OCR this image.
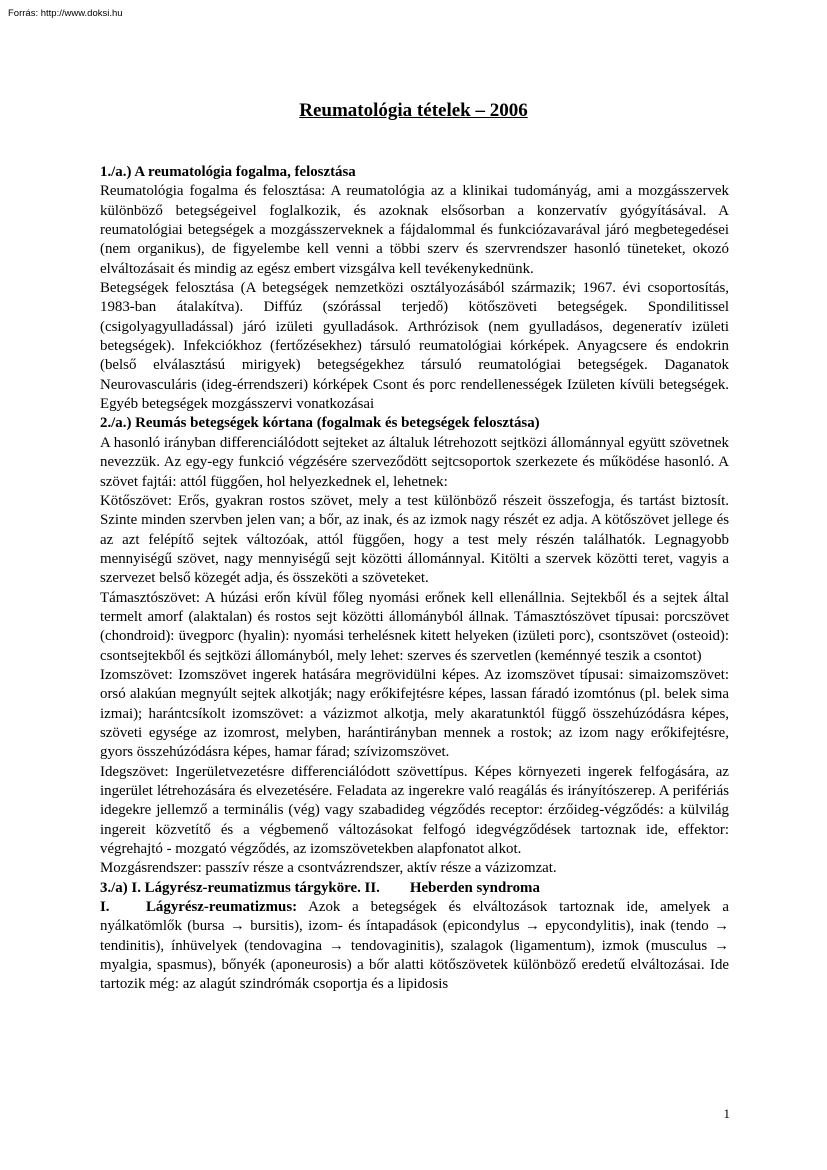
Forrás: http://www.doksi.hu
Reumatológia tételek – 2006

1./a.) A reumatológia fogalma, felosztása

Reumatológia fogalma és felosztása: A reumatológia az a klinikai tudományág, ami a mozgásszervek különböző betegségeivel foglalkozik, és azoknak elsősorban a konzervatív gyógyításával. A reumatológiai betegségek a mozgásszerveknek a fájdalommal és funkciózavarával járó megbetegedései (nem organikus), de figyelembe kell venni a többi szerv és szervrendszer hasonló tüneteket, okozó elváltozásait és mindig az egész embert vizsgálva kell tevékenykednünk.

Betegségek felosztása (A betegségek nemzetközi osztályozásából származik; 1967. évi csoportosítás, 1983-ban átalakítva). Diffúz (szórással terjedő) kötőszöveti betegségek. Spondilitissel (csigolyagyulladással) járó izületi gyulladások. Arthrózisok (nem gyulladásos, degeneratív izületi betegségek). Infekciókhoz (fertőzésekhez) társuló reumatológiai kórképek. Anyagcsere és endokrin (belső elválasztású mirigyek) betegségekhez társuló reumatológiai betegségek. Daganatok Neurovasculáris (ideg-érrendszeri) kórképek Csont és porc rendellenességek Izületen kívüli betegségek. Egyéb betegségek mozgásszervi vonatkozásai

2./a.) Reumás betegségek kórtana (fogalmak és betegségek felosztása)

A hasonló irányban differenciálódott sejteket az általuk létrehozott sejtközi állománnyal együtt szövetnek nevezzük. Az egy-egy funkció végzésére szerveződött sejtcsoportok szerkezete és működése hasonló. A szövet fajtái: attól függően, hol helyezkednek el, lehetnek:

Kötőszövet: Erős, gyakran rostos szövet, mely a test különböző részeit összefogja, és tartást biztosít. Szinte minden szervben jelen van; a bőr, az inak, és az izmok nagy részét ez adja. A kötőszövet jellege és az azt felépítő sejtek változóak, attól függően, hogy a test mely részén találhatók. Legnagyobb mennyiségű szövet, nagy mennyiségű sejt közötti állománnyal. Kitölti a szervek közötti teret, vagyis a szervezet belső közegét adja, és összeköti a szöveteket.

Támasztószövet: A húzási erőn kívül főleg nyomási erőnek kell ellenállnia. Sejtekből és a sejtek által termelt amorf (alaktalan) és rostos sejt közötti állományból állnak. Támasztószövet típusai: porcszövet (chondroid): üvegporc (hyalin): nyomási terhelésnek kitett helyeken (izületi porc), csontszövet (osteoid): csontsejtekből és sejtközi állományból, mely lehet: szerves és szervetlen (keménnyé teszik a csontot)

Izomszövet: Izomszövet ingerek hatására megrövidülni képes. Az izomszövet típusai: simaizomszövet: orsó alakúan megnyúlt sejtek alkotják; nagy erőkifejtésre képes, lassan fáradó izomtónus (pl. belek sima izmai); harántcsíkolt izomszövet: a vázizmot alkotja, mely akaratunktól függő összehúzódásra képes, szöveti egysége az izomrost, melyben, harántirányban mennek a rostok; az izom nagy erőkifejtésre, gyors összehúzódásra képes, hamar fárad; szívizomszövet.

Idegszövet: Ingerületvezetésre differenciálódott szövettípus. Képes környezeti ingerek felfogására, az ingerület létrehozására és elvezetésére. Feladata az ingerekre való reagálás és irányítószerep. A perifériás idegekre jellemző a terminális (vég) vagy szabadideg végződés receptor: érzőideg-végződés: a külvilág ingereit közvetítő és a végbemenő változásokat felfogó idegvégződések tartoznak ide, effektor: végrehajtó - mozgató végződés, az izomszövetekben alapfonatot alkot.

Mozgásrendszer: passzív része a csontvázrendszer, aktív része a vázizomzat.

3./a) I. Lágyrész-reumatizmus tárgyköre. II. Heberden syndroma

I. Lágyrész-reumatizmus: Azok a betegségek és elváltozások tartoznak ide, amelyek a nyálkatömlők (bursa → bursitis), izom- és íntapadások (epicondylus → epycondylitis), inak (tendo → tendinitis), ínhüvelyek (tendovagina → tendovaginitis), szalagok (ligamentum), izmok (musculus → myalgia, spasmus), bőnyék (aponeurosis) a bőr alatti kötőszövetek különböző eredetű elváltozásai. Ide tartozik még: az alagút szindrómák csoportja és a lipidosis

1
